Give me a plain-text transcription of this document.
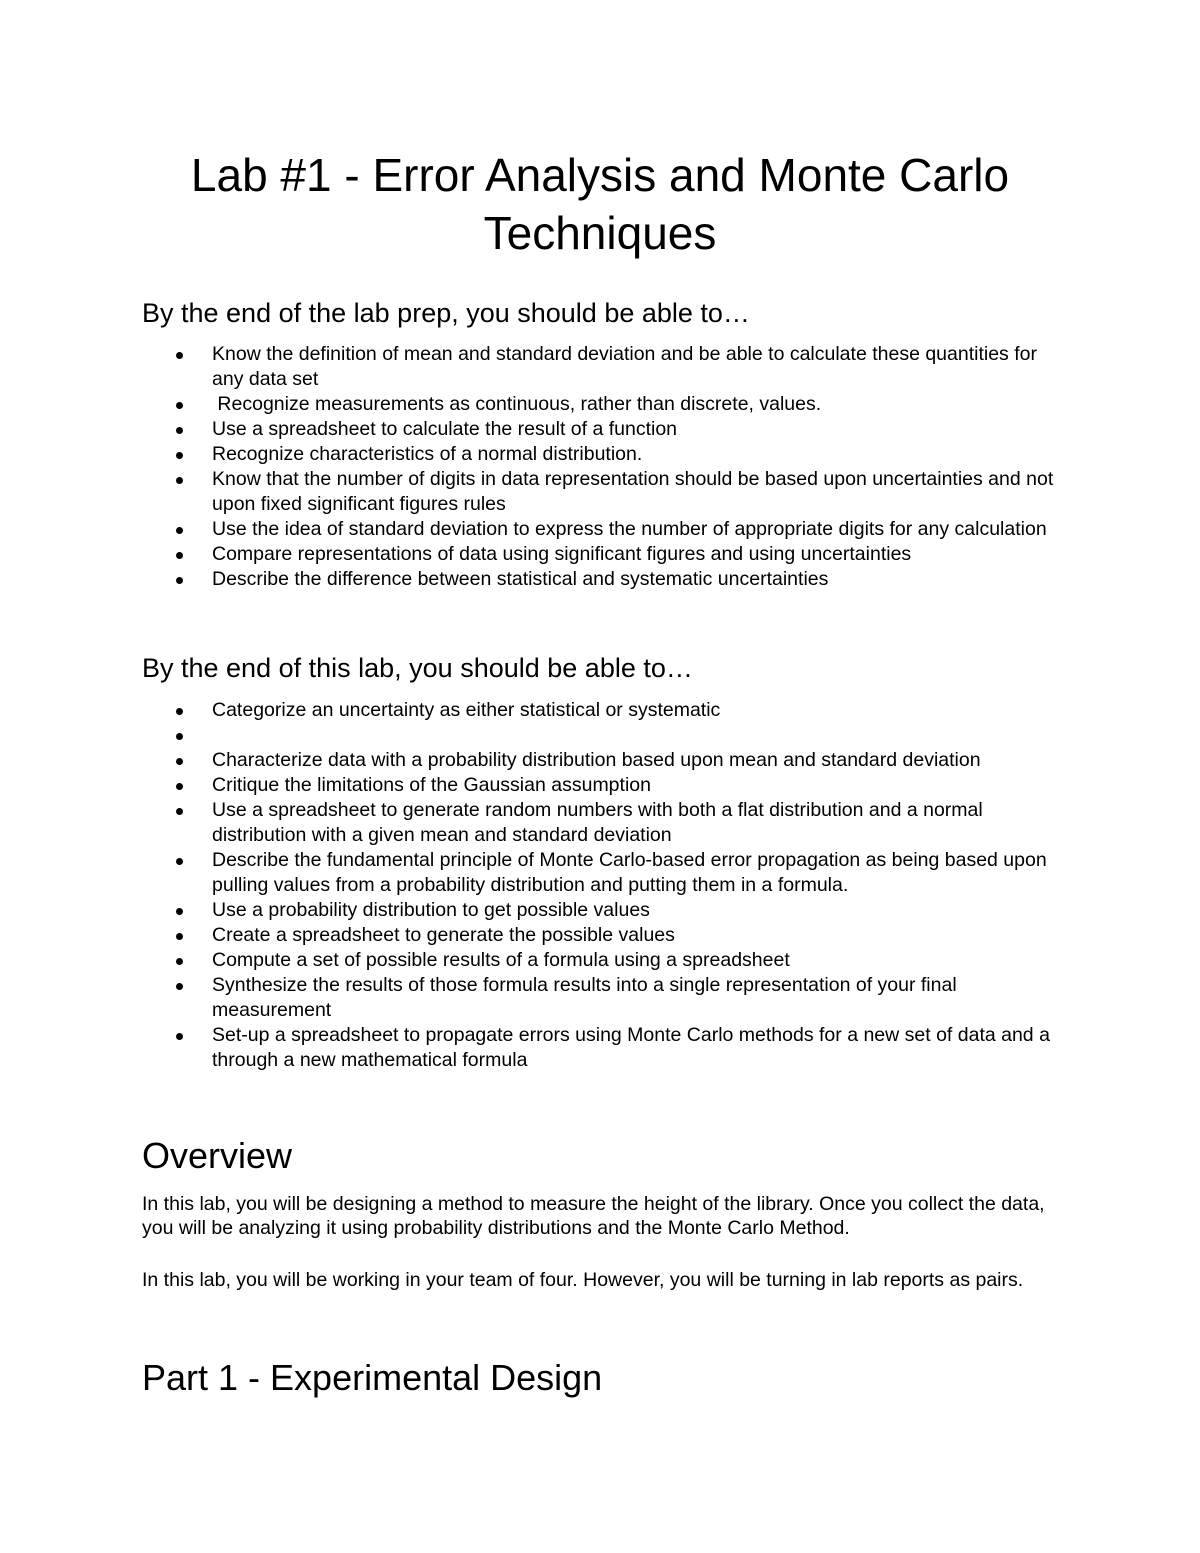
Lab #1 - Error Analysis and Monte Carlo Techniques
By the end of the lab prep, you should be able to…
Know the definition of mean and standard deviation and be able to calculate these quantities for any data set
Recognize measurements as continuous, rather than discrete, values.
Use a spreadsheet to calculate the result of a function
Recognize characteristics of a normal distribution.
Know that the number of digits in data representation should be based upon uncertainties and not upon fixed significant figures rules
Use the idea of standard deviation to express the number of appropriate digits for any calculation
Compare representations of data using significant figures and using uncertainties
Describe the difference between statistical and systematic uncertainties
By the end of this lab, you should be able to…
Categorize an uncertainty as either statistical or systematic
Characterize data with a probability distribution based upon mean and standard deviation
Critique the limitations of the Gaussian assumption
Use a spreadsheet to generate random numbers with both a flat distribution and a normal distribution with a given mean and standard deviation
Describe the fundamental principle of Monte Carlo-based error propagation as being based upon pulling values from a probability distribution and putting them in a formula.
Use a probability distribution to get possible values
Create a spreadsheet to generate the possible values
Compute a set of possible results of a formula using a spreadsheet
Synthesize the results of those formula results into a single representation of your final measurement
Set-up a spreadsheet to propagate errors using Monte Carlo methods for a new set of data and a through a new mathematical formula
Overview

In this lab, you will be designing a method to measure the height of the library. Once you collect the data, you will be analyzing it using probability distributions and the Monte Carlo Method.

In this lab, you will be working in your team of four. However, you will be turning in lab reports as pairs.

Part 1 - Experimental Design
